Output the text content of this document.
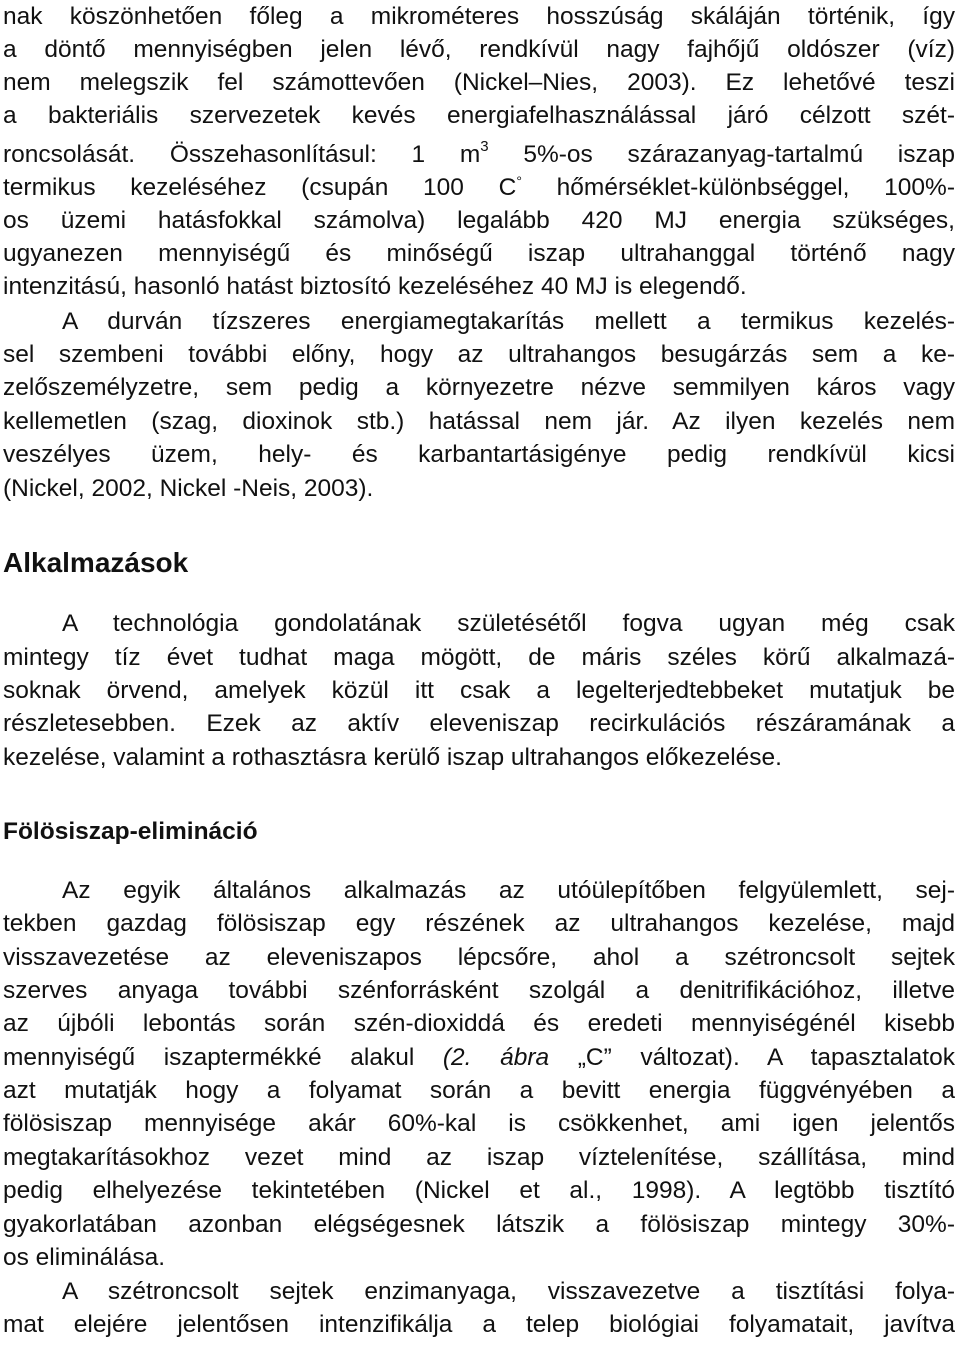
nak köszönhetően főleg a mikrométeres hosszúság skáláján történik, így
a döntő mennyiségben jelen lévő, rendkívül nagy fajhőjű oldószer (víz)
nem melegszik fel számottevően (Nickel–Nies, 2003). Ez lehetővé teszi
a bakteriális szervezetek kevés energiafelhasználással járó célzott szét-
roncsolását. Összehasonlításul: 1 $m^3$ 5%-os szárazanyag-tartalmú iszap
termikus kezeléséhez (csupán 100 C° hőmérséklet-különbséggel, 100%-
os üzemi hatásfokkal számolva) legalább 420 MJ energia szükséges,
ugyanezen mennyiségű és minőségű iszap ultrahanggal történő nagy
intenzitású, hasonló hatást biztosító kezeléséhez 40 MJ is elegendő.
A durván tízszeres energiamegtakarítás mellett a termikus kezelés-
sel szembeni további előny, hogy az ultrahangos besugárzás sem a ke-
zelőszemélyzetre, sem pedig a környezetre nézve semmilyen káros vagy
kellemetlen (szag, dioxinok stb.) hatással nem jár. Az ilyen kezelés nem
veszélyes üzem, hely- és karbantartásigénye pedig rendkívül kicsi
(Nickel, 2002, Nickel -Neis, 2003).
Alkalmazások
A technológia gondolatának születésétől fogva ugyan még csak
mintegy tíz évet tudhat maga mögött, de máris széles körű alkalmazá-
soknak örvend, amelyek közül itt csak a legelterjedtebbeket mutatjuk be
részletesebben. Ezek az aktív eleveniszap recirkulációs részáramának a
kezelése, valamint a rothasztásra kerülő iszap ultrahangos előkezelése.
Fölösiszap-elimináció
Az egyik általános alkalmazás az utóülepítőben felgyülemlett, sej-
tekben gazdag fölösiszap egy részének az ultrahangos kezelése, majd
visszavezetése az eleveniszapos lépcsőre, ahol a szétroncsolt sejtek
szerves anyaga további szénforrásként szolgál a denitrifikációhoz, illetve
az újbóli lebontás során szén-dioxiddá és eredeti mennyiségénél kisebb
mennyiségű iszaptermékké alakul (2. ábra „C” változat). A tapasztalatok
azt mutatják hogy a folyamat során a bevitt energia függvényében a
fölösiszap mennyisége akár 60%-kal is csökkenhet, ami igen jelentős
megtakarításokhoz vezet mind az iszap víztelenítése, szállítása, mind
pedig elhelyezése tekintetében (Nickel et al., 1998). A legtöbb tisztító
gyakorlatában azonban elégségesnek látszik a fölösiszap mintegy 30%-
os eliminálása.
A szétroncsolt sejtek enzimanyaga, visszavezetve a tisztítási folya-
mat elejére jelentősen intenzifikálja a telep biológiai folyamatait, javítva
